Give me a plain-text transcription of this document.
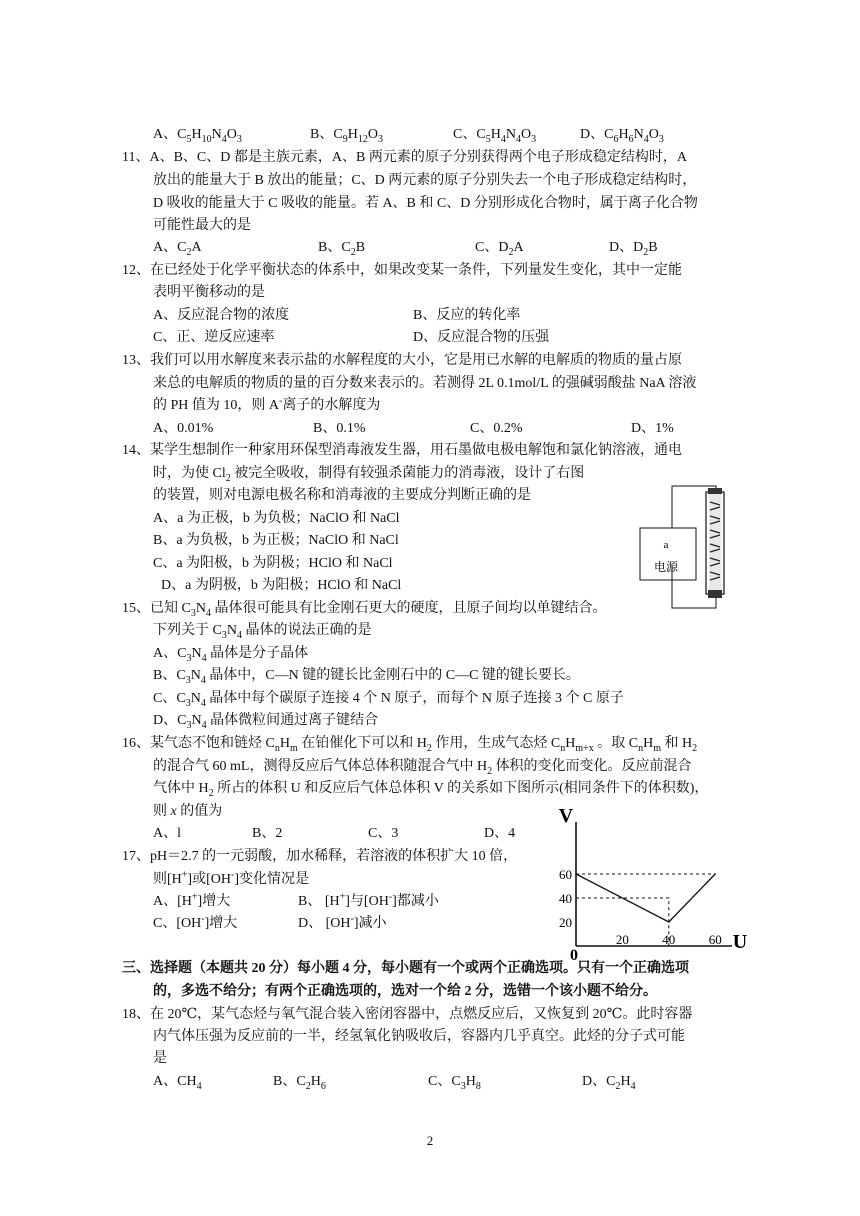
A、$C_5H_{10}N_4O_3$	B、$C_9H_{12}O_3$	C、$C_5H_4N_4O_3$	D、$C_6H_6N_4O_3$
11、A、B、C、D 都是主族元素，A、B 两元素的原子分别获得两个电子形成稳定结构时，A
放出的能量大于 B 放出的能量；C、D 两元素的原子分别失去一个电子形成稳定结构时，
D 吸收的能量大于 C 吸收的能量。若 A、B 和 C、D 分别形成化合物时，属于离子化合物
可能性最大的是
A、$C_2A$	B、$C_2B$	C、$D_2A$	D、$D_2B$
12、在已经处于化学平衡状态的体系中，如果改变某一条件，下列量发生变化，其中一定能
表明平衡移动的是
A、反应混合物的浓度	B、反应的转化率
C、正、逆反应速率	D、反应混合物的压强
13、我们可以用水解度来表示盐的水解程度的大小，它是用已水解的电解质的物质的量占原
来总的电解质的物质的量的百分数来表示的。若测得 2L 0.1mol/L 的强碱弱酸盐 NaA 溶液
的 PH 值为 10，则 A-离子的水解度为
A、0.01%	B、0.1%	C、0.2%	D、1%
14、某学生想制作一种家用环保型消毒液发生器，用石墨做电极电解饱和氯化钠溶液，通电
时，为使 $Cl_2$ 被完全吸收，制得有较强杀菌能力的消毒液，设计了右图
的装置，则对电源电极名称和消毒液的主要成分判断正确的是
A、a 为正极，b 为负极；NaClO 和 NaCl
B、a 为负极，b 为正极；NaClO 和 NaCl
C、a 为阳极，b 为阴极；HClO 和 NaCl
D、a 为阴极，b 为阳极；HClO 和 NaCl
a
电源
15、已知 $C_3N_4$ 晶体很可能具有比金刚石更大的硬度，且原子间均以单键结合。
下列关于 $C_3N_4$ 晶体的说法正确的是
A、$C_3N_4$ 晶体是分子晶体
B、$C_3N_4$ 晶体中，C—N 键的键长比金刚石中的 C—C 键的键长要长。
C、$C_3N_4$ 晶体中每个碳原子连接 4 个 N 原子，而每个 N 原子连接 3 个 C 原子
D、$C_3N_4$ 晶体微粒间通过离子键结合
16、某气态不饱和链烃 $C_nH_m$ 在铂催化下可以和 $H_2$ 作用，生成气态烃 $C_nH_{m+x}$ 。取 $C_nH_m$ 和 $H_2$
的混合气 60 mL，测得反应后气体总体积随混合气中 $H_2$ 体积的变化而变化。反应前混合
气体中 $H_2$ 所占的体积 U 和反应后气体总体积 V 的关系如下图所示(相同条件下的体积数)，
则 x 的值为
A、l	B、2	C、3	D、4
17、pH＝2.7 的一元弱酸，加水稀释，若溶液的体积扩大 10 倍，
则[H+]或[OH-]变化情况是
A、[H+]增大	B、 [H+]与[OH-]都减小
C、[OH-]增大	D、 [OH-]减小
0
20	40	60
20
40
60
V
U
三、选择题（本题共 20 分）每小题 4 分，每小题有一个或两个正确选项。只有一个正确选项
的，多选不给分；有两个正确选项的，选对一个给 2 分，选错一个该小题不给分。
18、在 20℃，某气态烃与氧气混合装入密闭容器中，点燃反应后，又恢复到 20℃。此时容器
内气体压强为反应前的一半，经氢氧化钠吸收后，容器内几乎真空。此烃的分子式可能
是
A、$CH_4$	B、$C_2H_6$	C、$C_3H_8$	D、$C_2H_4$
2
